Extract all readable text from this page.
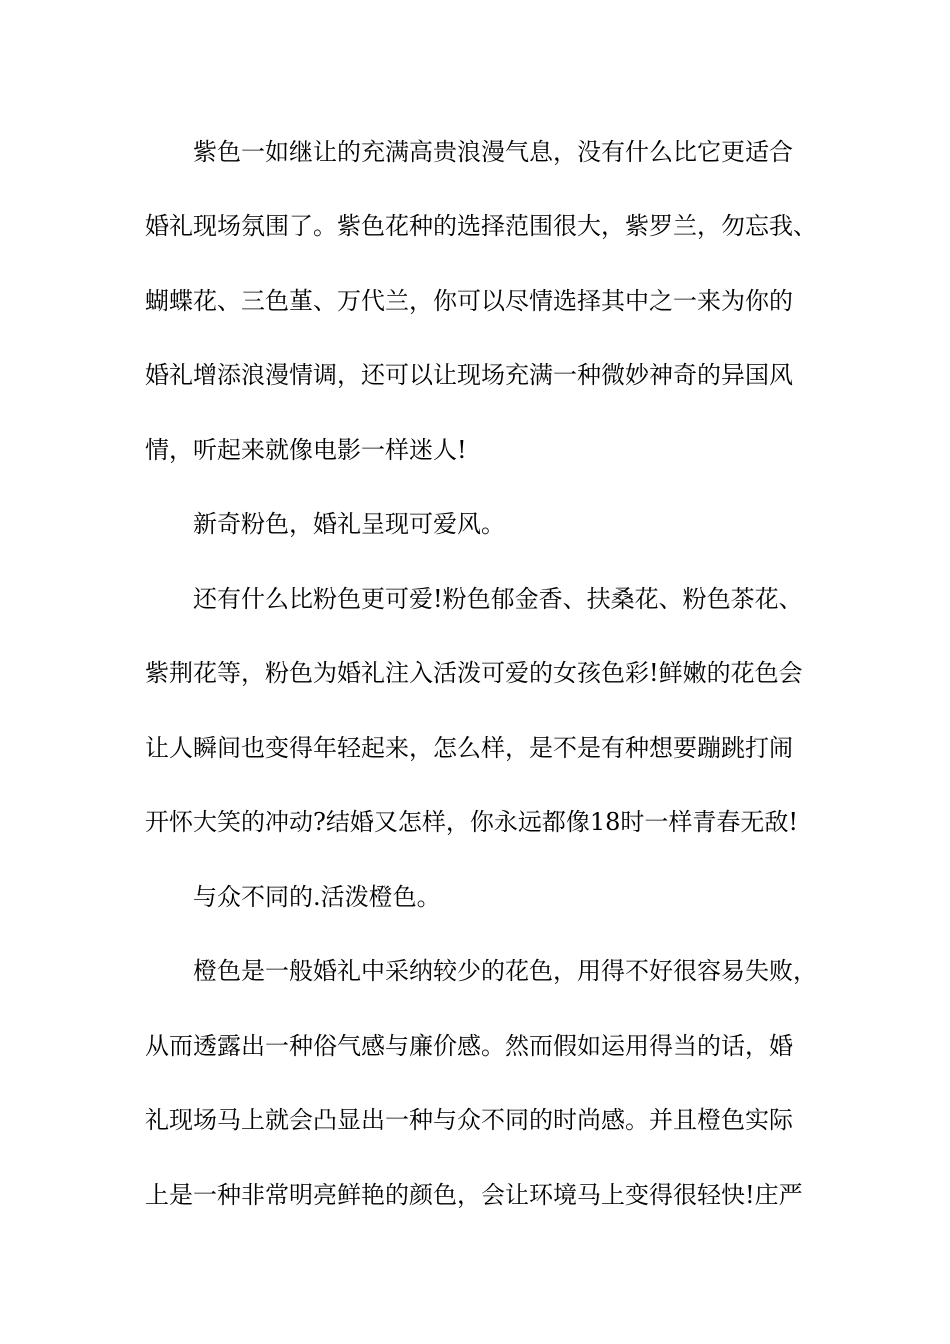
紫色一如继让的充满高贵浪漫气息，没有什么比它更适合
婚礼现场氛围了。紫色花种的选择范围很大，紫罗兰，勿忘我、
蝴蝶花、三色堇、万代兰，你可以尽情选择其中之一来为你的
婚礼增添浪漫情调，还可以让现场充满一种微妙神奇的异国风
情，听起来就像电影一样迷人!
新奇粉色，婚礼呈现可爱风。
还有什么比粉色更可爱!粉色郁金香、扶桑花、粉色茶花、
紫荆花等，粉色为婚礼注入活泼可爱的女孩色彩!鲜嫩的花色会
让人瞬间也变得年轻起来，怎么样，是不是有种想要蹦跳打闹
开怀大笑的冲动?结婚又怎样，你永远都像18时一样青春无敌!
与众不同的.活泼橙色。
橙色是一般婚礼中采纳较少的花色，用得不好很容易失败，
从而透露出一种俗气感与廉价感。然而假如运用得当的话，婚
礼现场马上就会凸显出一种与众不同的时尚感。并且橙色实际
上是一种非常明亮鲜艳的颜色，会让环境马上变得很轻快!庄严
